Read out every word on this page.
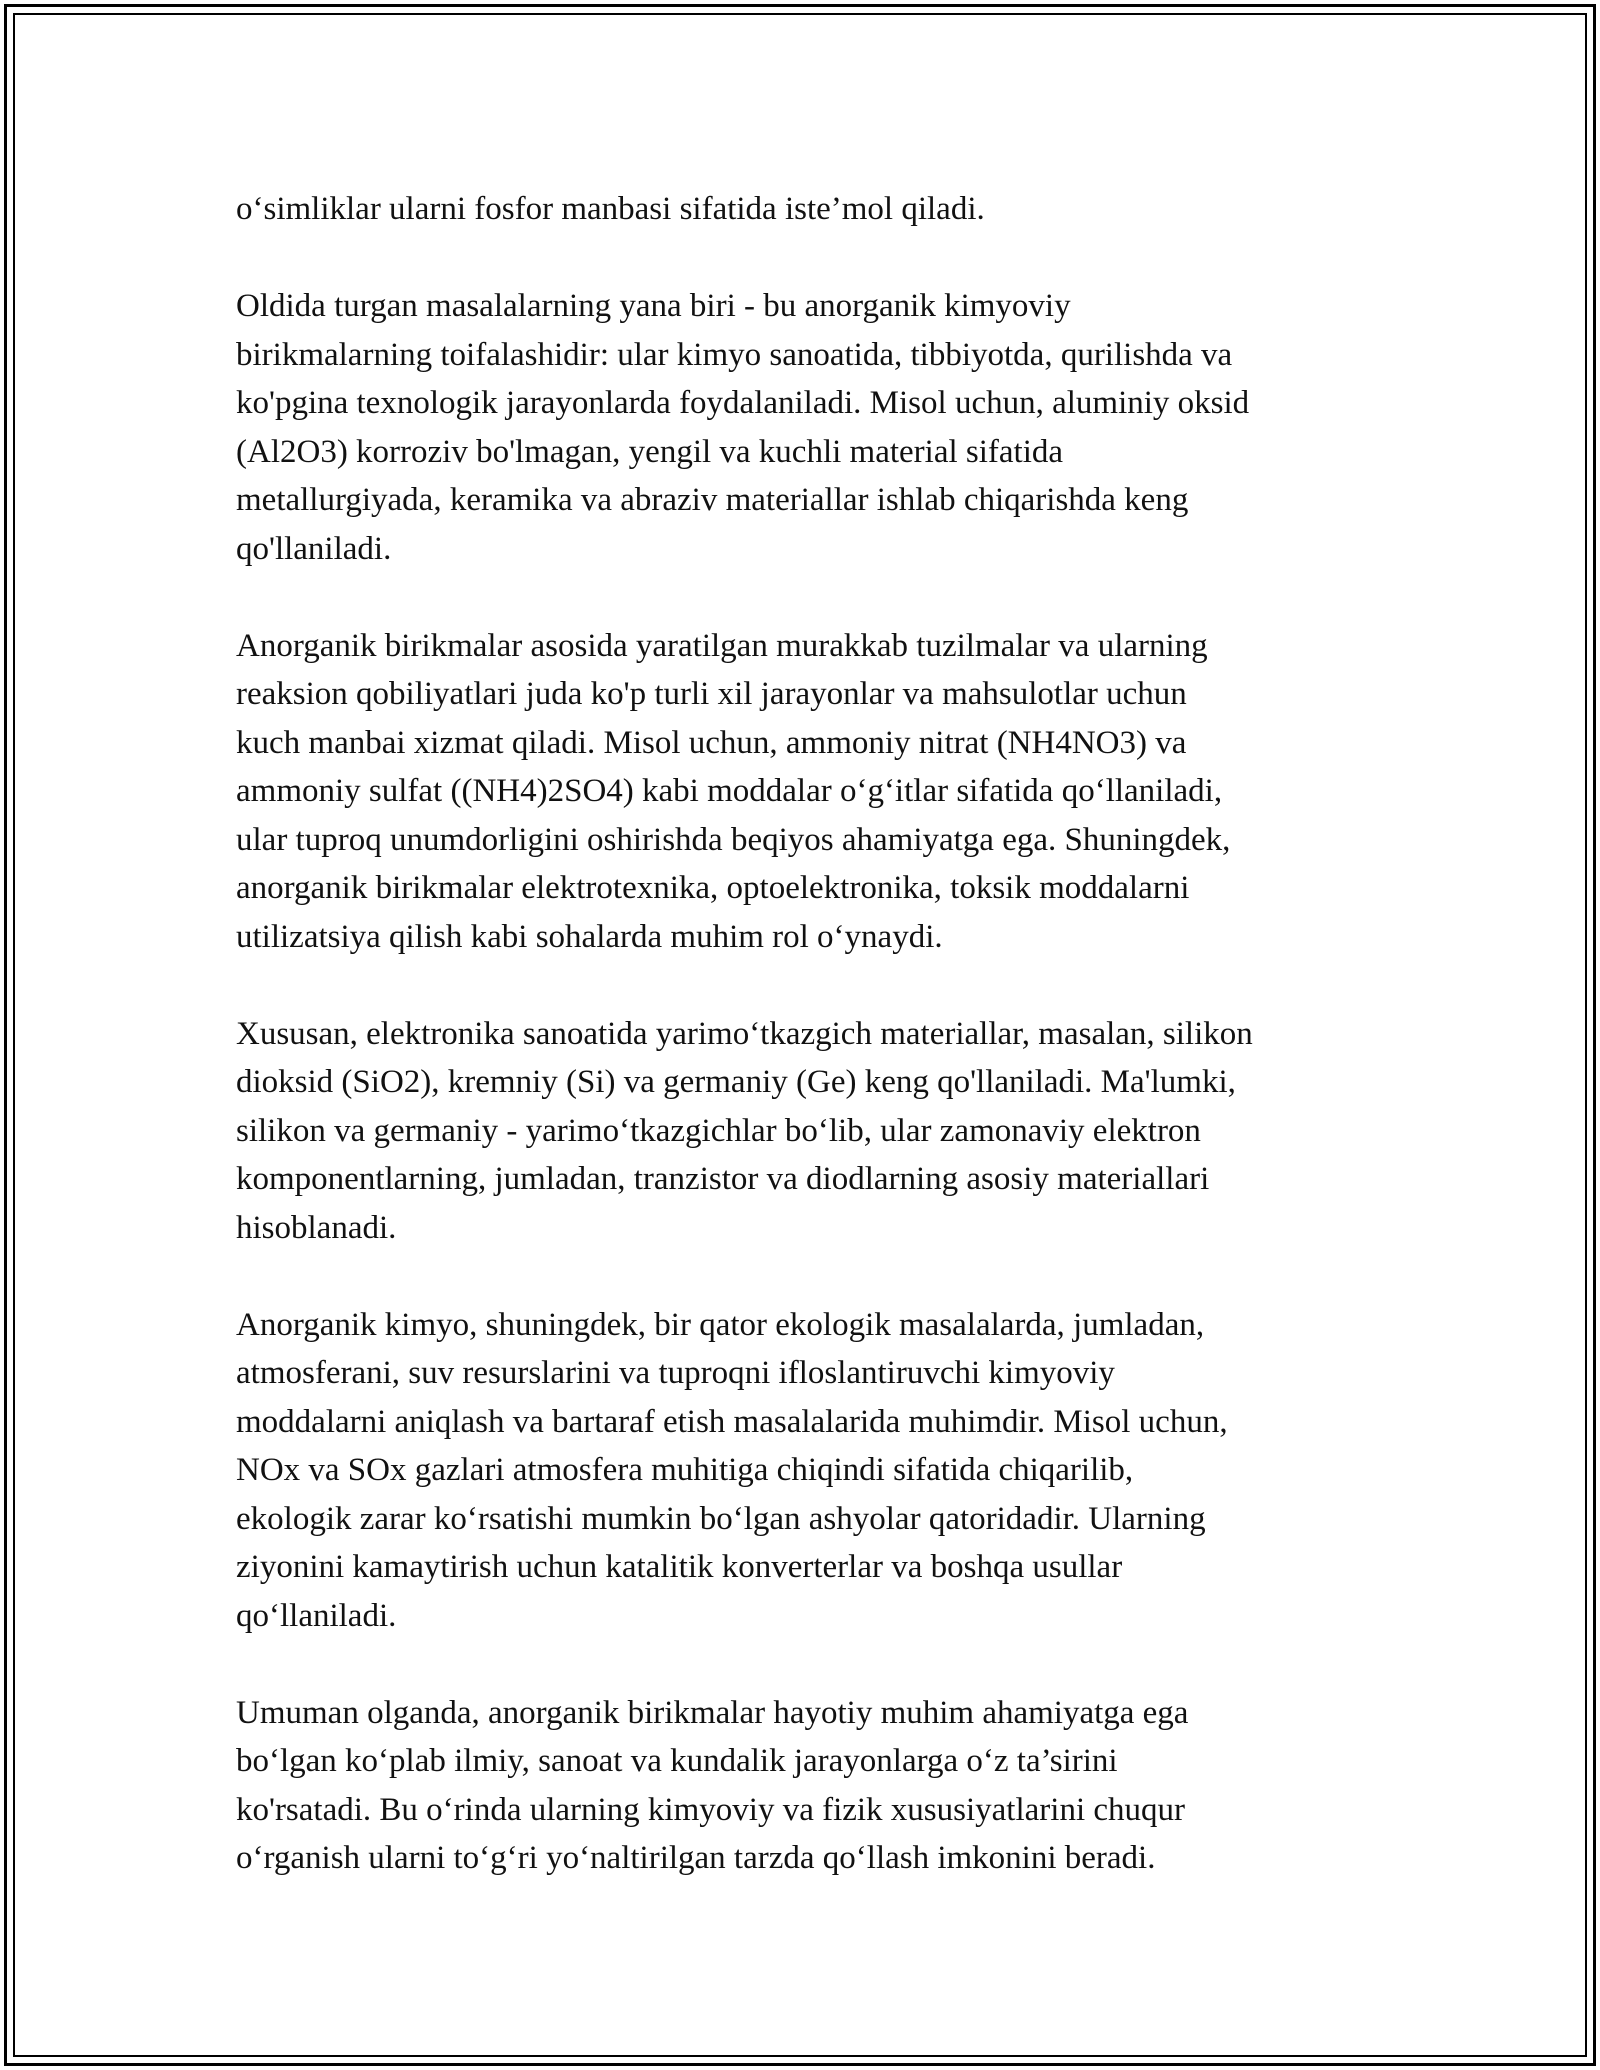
o‘simliklar ularni fosfor manbasi sifatida iste’mol qiladi.

Oldida turgan masalalarning yana biri - bu anorganik kimyoviy
birikmalarning toifalashidir: ular kimyo sanoatida, tibbiyotda, qurilishda va
ko'pgina texnologik jarayonlarda foydalaniladi. Misol uchun, aluminiy oksid
(Al2O3) korroziv bo'lmagan, yengil va kuchli material sifatida
metallurgiyada, keramika va abraziv materiallar ishlab chiqarishda keng
qo'llaniladi.

Anorganik birikmalar asosida yaratilgan murakkab tuzilmalar va ularning
reaksion qobiliyatlari juda ko'p turli xil jarayonlar va mahsulotlar uchun
kuch manbai xizmat qiladi. Misol uchun, ammoniy nitrat (NH4NO3) va
ammoniy sulfat ((NH4)2SO4) kabi moddalar o‘g‘itlar sifatida qo‘llaniladi,
ular tuproq unumdorligini oshirishda beqiyos ahamiyatga ega. Shuningdek,
anorganik birikmalar elektrotexnika, optoelektronika, toksik moddalarni
utilizatsiya qilish kabi sohalarda muhim rol o‘ynaydi.

Xususan, elektronika sanoatida yarimo‘tkazgich materiallar, masalan, silikon
dioksid (SiO2), kremniy (Si) va germaniy (Ge) keng qo'llaniladi. Ma'lumki,
silikon va germaniy - yarimo‘tkazgichlar bo‘lib, ular zamonaviy elektron
komponentlarning, jumladan, tranzistor va diodlarning asosiy materiallari
hisoblanadi.

Anorganik kimyo, shuningdek, bir qator ekologik masalalarda, jumladan,
atmosferani, suv resurslarini va tuproqni ifloslantiruvchi kimyoviy
moddalarni aniqlash va bartaraf etish masalalarida muhimdir. Misol uchun,
NOx va SOx gazlari atmosfera muhitiga chiqindi sifatida chiqarilib,
ekologik zarar ko‘rsatishi mumkin bo‘lgan ashyolar qatoridadir. Ularning
ziyonini kamaytirish uchun katalitik konverterlar va boshqa usullar
qo‘llaniladi.

Umuman olganda, anorganik birikmalar hayotiy muhim ahamiyatga ega
bo‘lgan ko‘plab ilmiy, sanoat va kundalik jarayonlarga o‘z ta’sirini
ko'rsatadi. Bu o‘rinda ularning kimyoviy va fizik xususiyatlarini chuqur
o‘rganish ularni to‘g‘ri yo‘naltirilgan tarzda qo‘llash imkonini beradi.
